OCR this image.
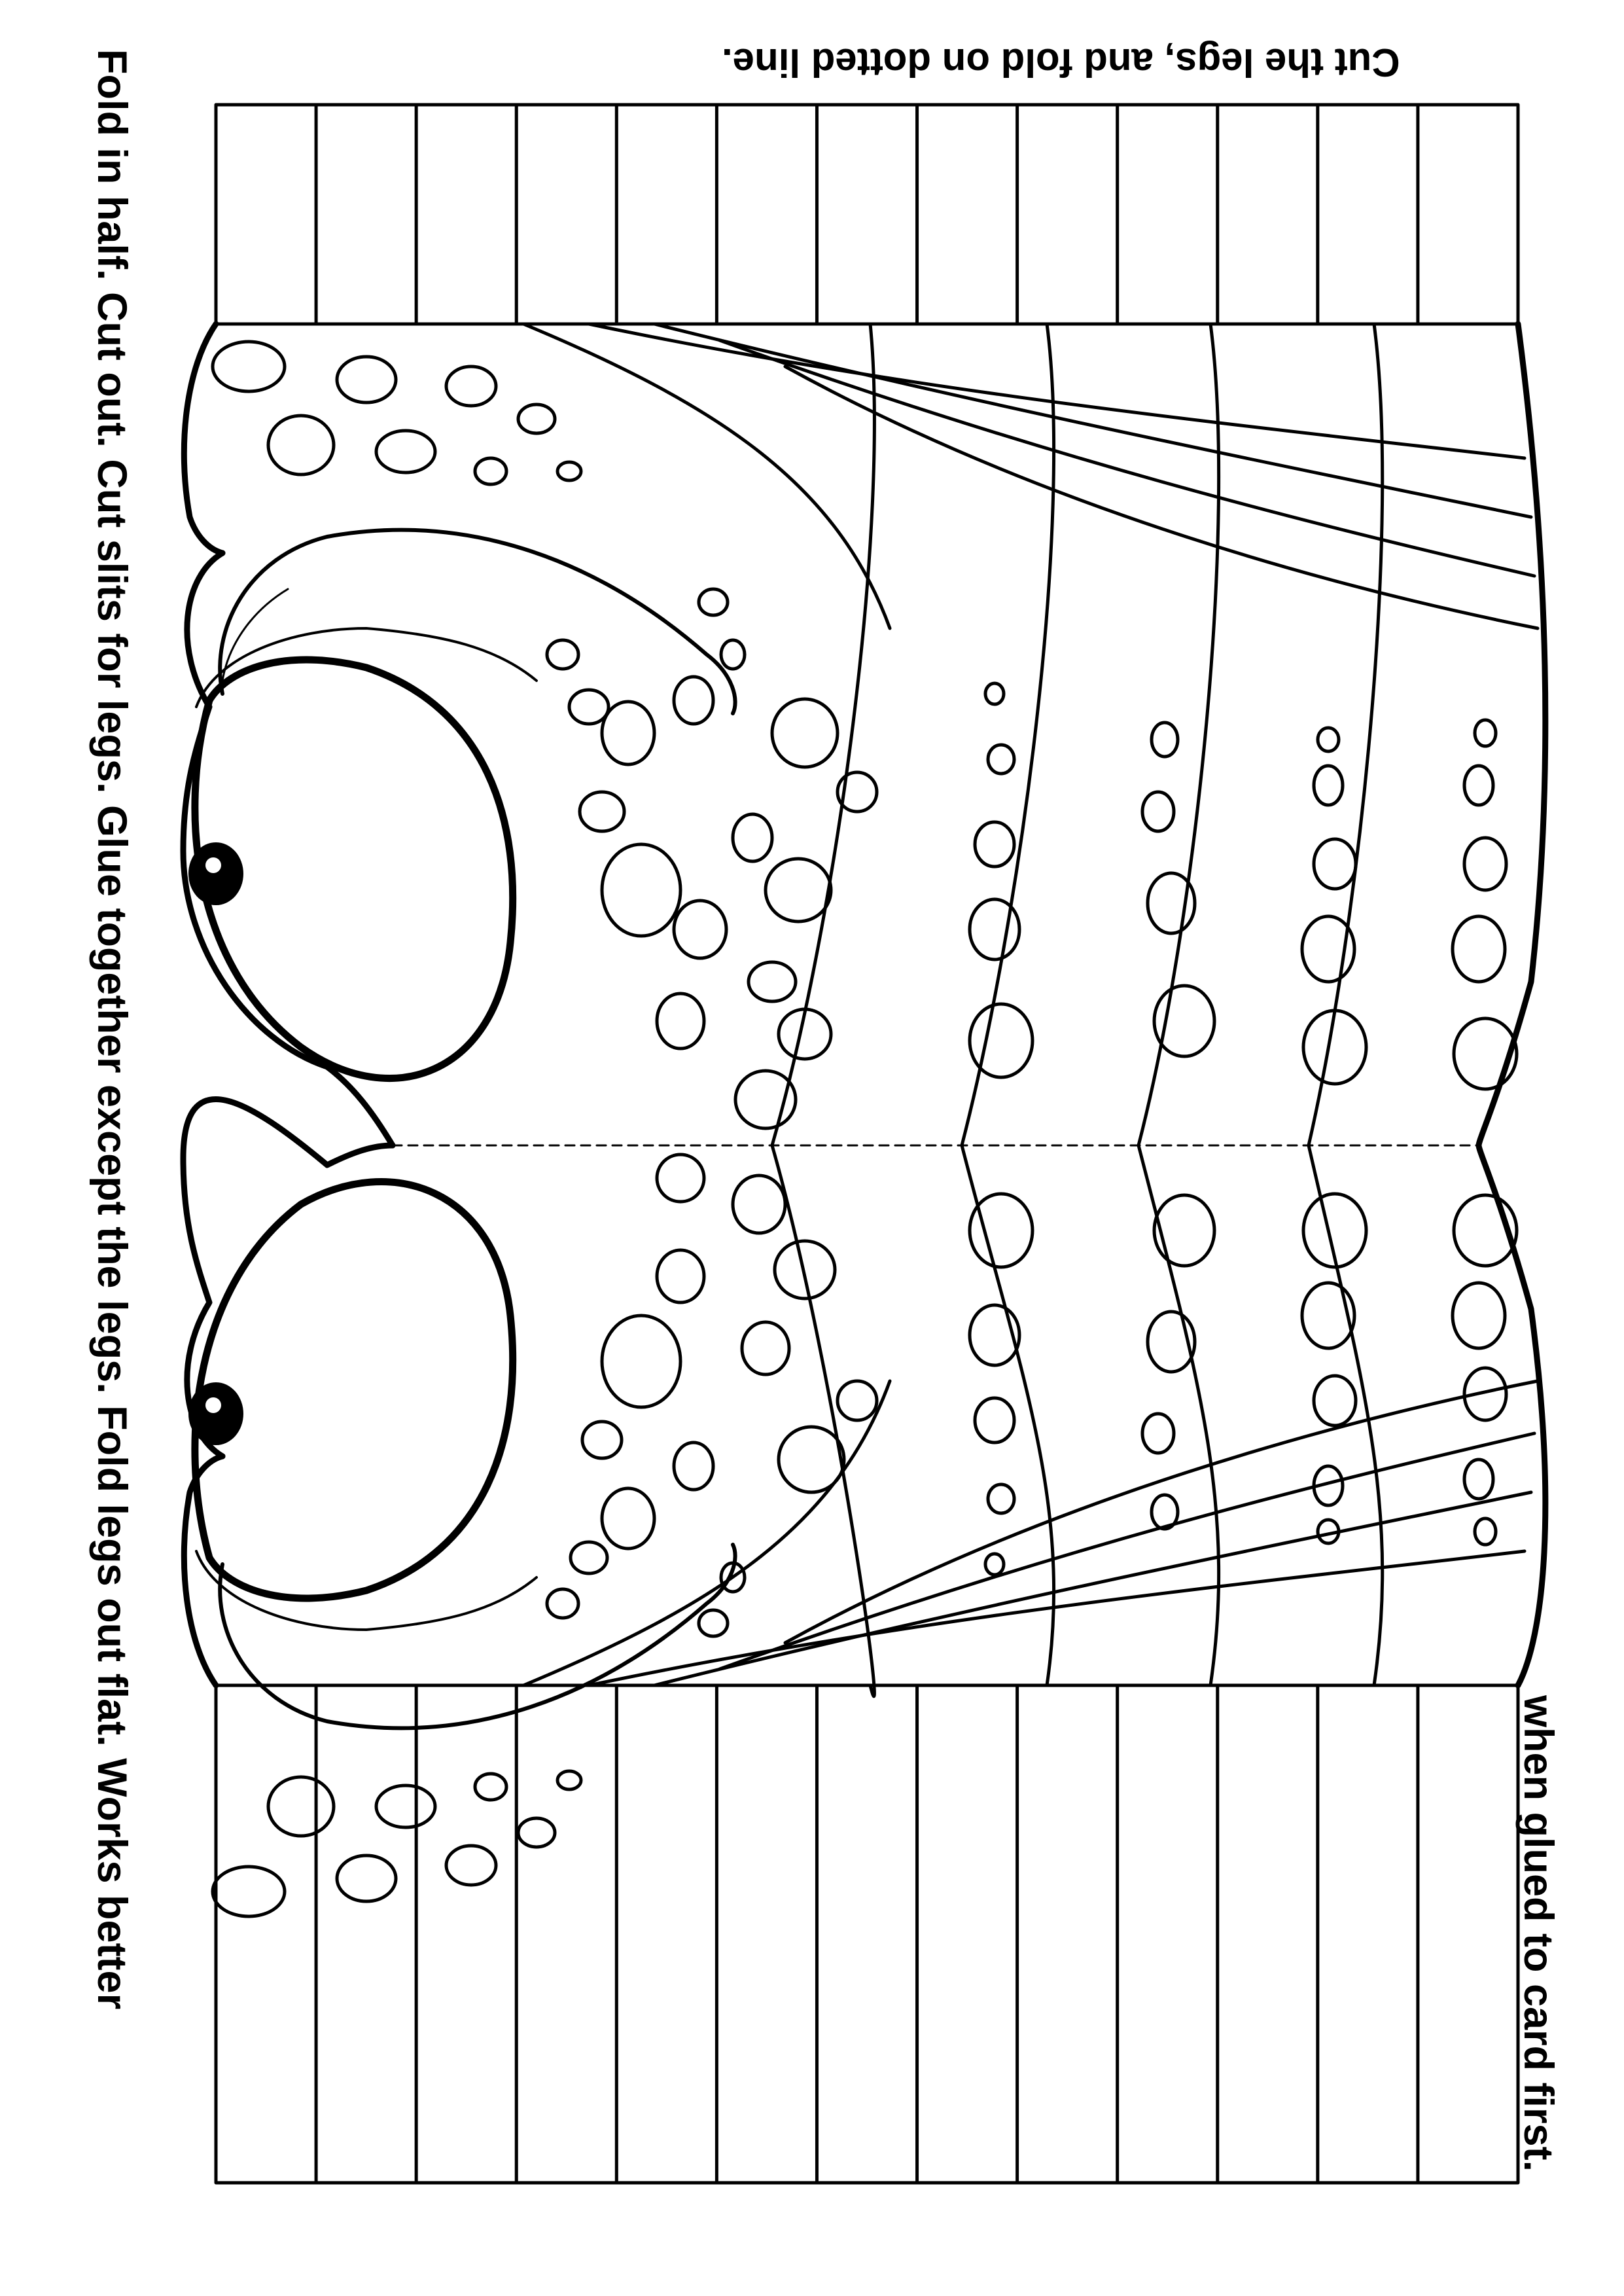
Cut the legs, and fold on dotted line.
Fold in half. Cut out. Cut slits for legs. Glue together except the legs. Fold legs out flat. Works better	when glued to card first.
